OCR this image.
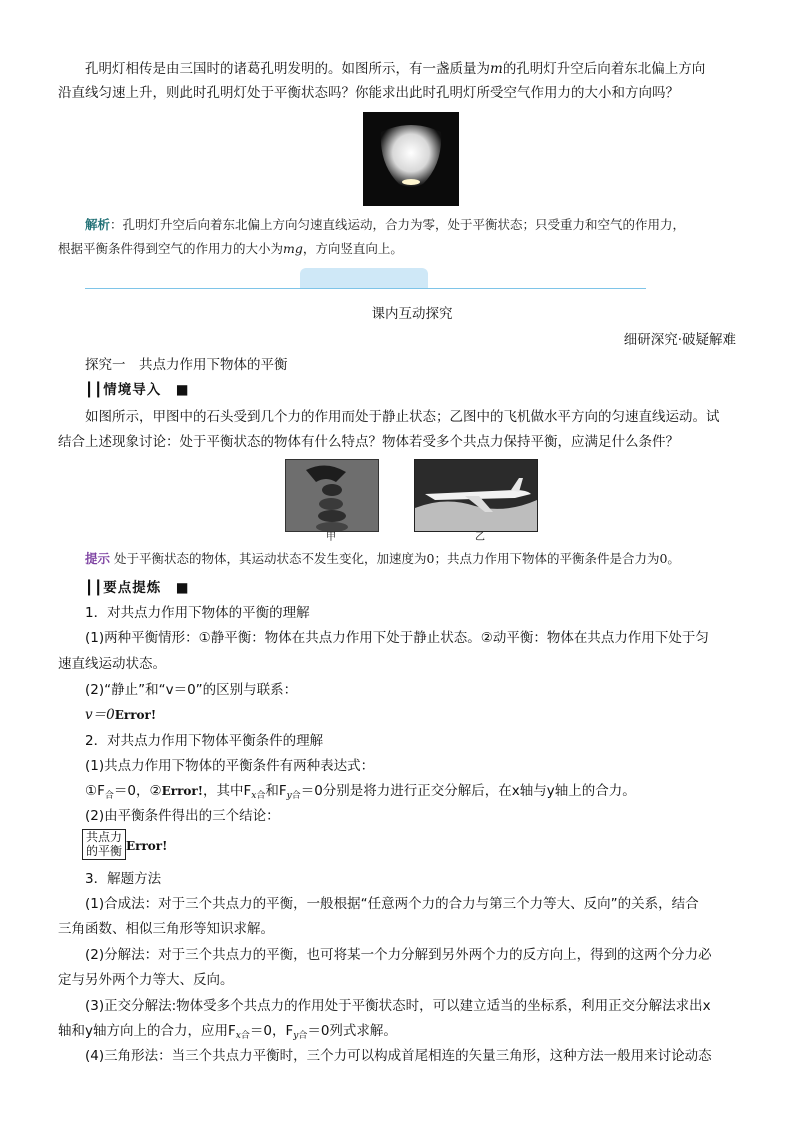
孔明灯相传是由三国时的诸葛孔明发明的。如图所示，有一盏质量为m的孔明灯升空后向着东北偏上方向
沿直线匀速上升，则此时孔明灯处于平衡状态吗？你能求出此时孔明灯所受空气作用力的大小和方向吗？
解析：孔明灯升空后向着东北偏上方向匀速直线运动，合力为零，处于平衡状态；只受重力和空气的作用力，
根据平衡条件得到空气的作用力的大小为mg，方向竖直向上。
课内互动探究
细研深究·破疑解难
探究一　共点力作用下物体的平衡
┃┃情境导入　■
如图所示，甲图中的石头受到几个力的作用而处于静止状态；乙图中的飞机做水平方向的匀速直线运动。试
结合上述现象讨论：处于平衡状态的物体有什么特点？物体若受多个共点力保持平衡，应满足什么条件？
甲	乙
提示 处于平衡状态的物体，其运动状态不发生变化，加速度为0；共点力作用下物体的平衡条件是合力为0。
┃┃要点提炼　■
1．对共点力作用下物体的平衡的理解
(1)两种平衡情形：①静平衡：物体在共点力作用下处于静止状态。②动平衡：物体在共点力作用下处于匀
速直线运动状态。
(2)“静止”和“v＝0”的区别与联系：
v＝0Error!
2．对共点力作用下物体平衡条件的理解
(1)共点力作用下物体的平衡条件有两种表达式：
$①F_合=0$，②Error!，其中$F_{x合}$和$F_{y合}=0$分别是将力进行正交分解后，在x轴与y轴上的合力。
(2)由平衡条件得出的三个结论：
共点力
的平衡 Error!
3．解题方法
(1)合成法：对于三个共点力的平衡，一般根据“任意两个力的合力与第三个力等大、反向”的关系，结合
三角函数、相似三角形等知识求解。
(2)分解法：对于三个共点力的平衡，也可将某一个力分解到另外两个力的反方向上，得到的这两个分力必
定与另外两个力等大、反向。
(3)正交分解法:物体受多个共点力的作用处于平衡状态时，可以建立适当的坐标系，利用正交分解法求出x
轴和y轴方向上的合力，应用$F_{x合}=0$，$F_{y合}=0$列式求解。
(4)三角形法：当三个共点力平衡时，三个力可以构成首尾相连的矢量三角形，这种方法一般用来讨论动态
